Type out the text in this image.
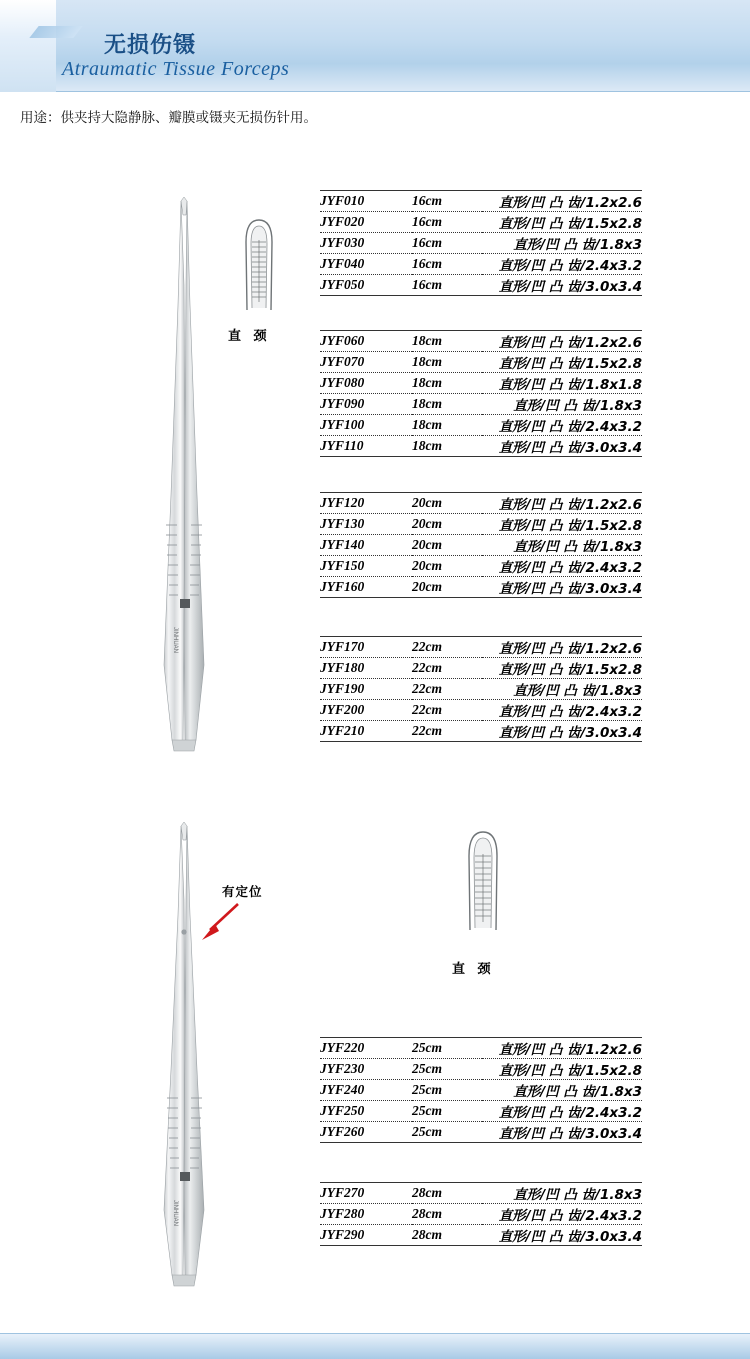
无损伤镊
Atraumatic Tissue Forceps
用途：供夹持大隐静脉、瓣膜或镊夹无损伤针用。
JINHUAN
直 颈
JYF010	16cm	直形/凹 凸 齿/1.2x2.6
JYF020	16cm	直形/凹 凸 齿/1.5x2.8
JYF030	16cm	直形/凹 凸 齿/1.8x3
JYF040	16cm	直形/凹 凸 齿/2.4x3.2
JYF050	16cm	直形/凹 凸 齿/3.0x3.4
JYF060	18cm	直形/凹 凸 齿/1.2x2.6
JYF070	18cm	直形/凹 凸 齿/1.5x2.8
JYF080	18cm	直形/凹 凸 齿/1.8x1.8
JYF090	18cm	直形/凹 凸 齿/1.8x3
JYF100	18cm	直形/凹 凸 齿/2.4x3.2
JYF110	18cm	直形/凹 凸 齿/3.0x3.4
JYF120	20cm	直形/凹 凸 齿/1.2x2.6
JYF130	20cm	直形/凹 凸 齿/1.5x2.8
JYF140	20cm	直形/凹 凸 齿/1.8x3
JYF150	20cm	直形/凹 凸 齿/2.4x3.2
JYF160	20cm	直形/凹 凸 齿/3.0x3.4
JYF170	22cm	直形/凹 凸 齿/1.2x2.6
JYF180	22cm	直形/凹 凸 齿/1.5x2.8
JYF190	22cm	直形/凹 凸 齿/1.8x3
JYF200	22cm	直形/凹 凸 齿/2.4x3.2
JYF210	22cm	直形/凹 凸 齿/3.0x3.4
JINHUAN
有定位
直 颈
JYF220	25cm	直形/凹 凸 齿/1.2x2.6
JYF230	25cm	直形/凹 凸 齿/1.5x2.8
JYF240	25cm	直形/凹 凸 齿/1.8x3
JYF250	25cm	直形/凹 凸 齿/2.4x3.2
JYF260	25cm	直形/凹 凸 齿/3.0x3.4
JYF270	28cm	直形/凹 凸 齿/1.8x3
JYF280	28cm	直形/凹 凸 齿/2.4x3.2
JYF290	28cm	直形/凹 凸 齿/3.0x3.4
